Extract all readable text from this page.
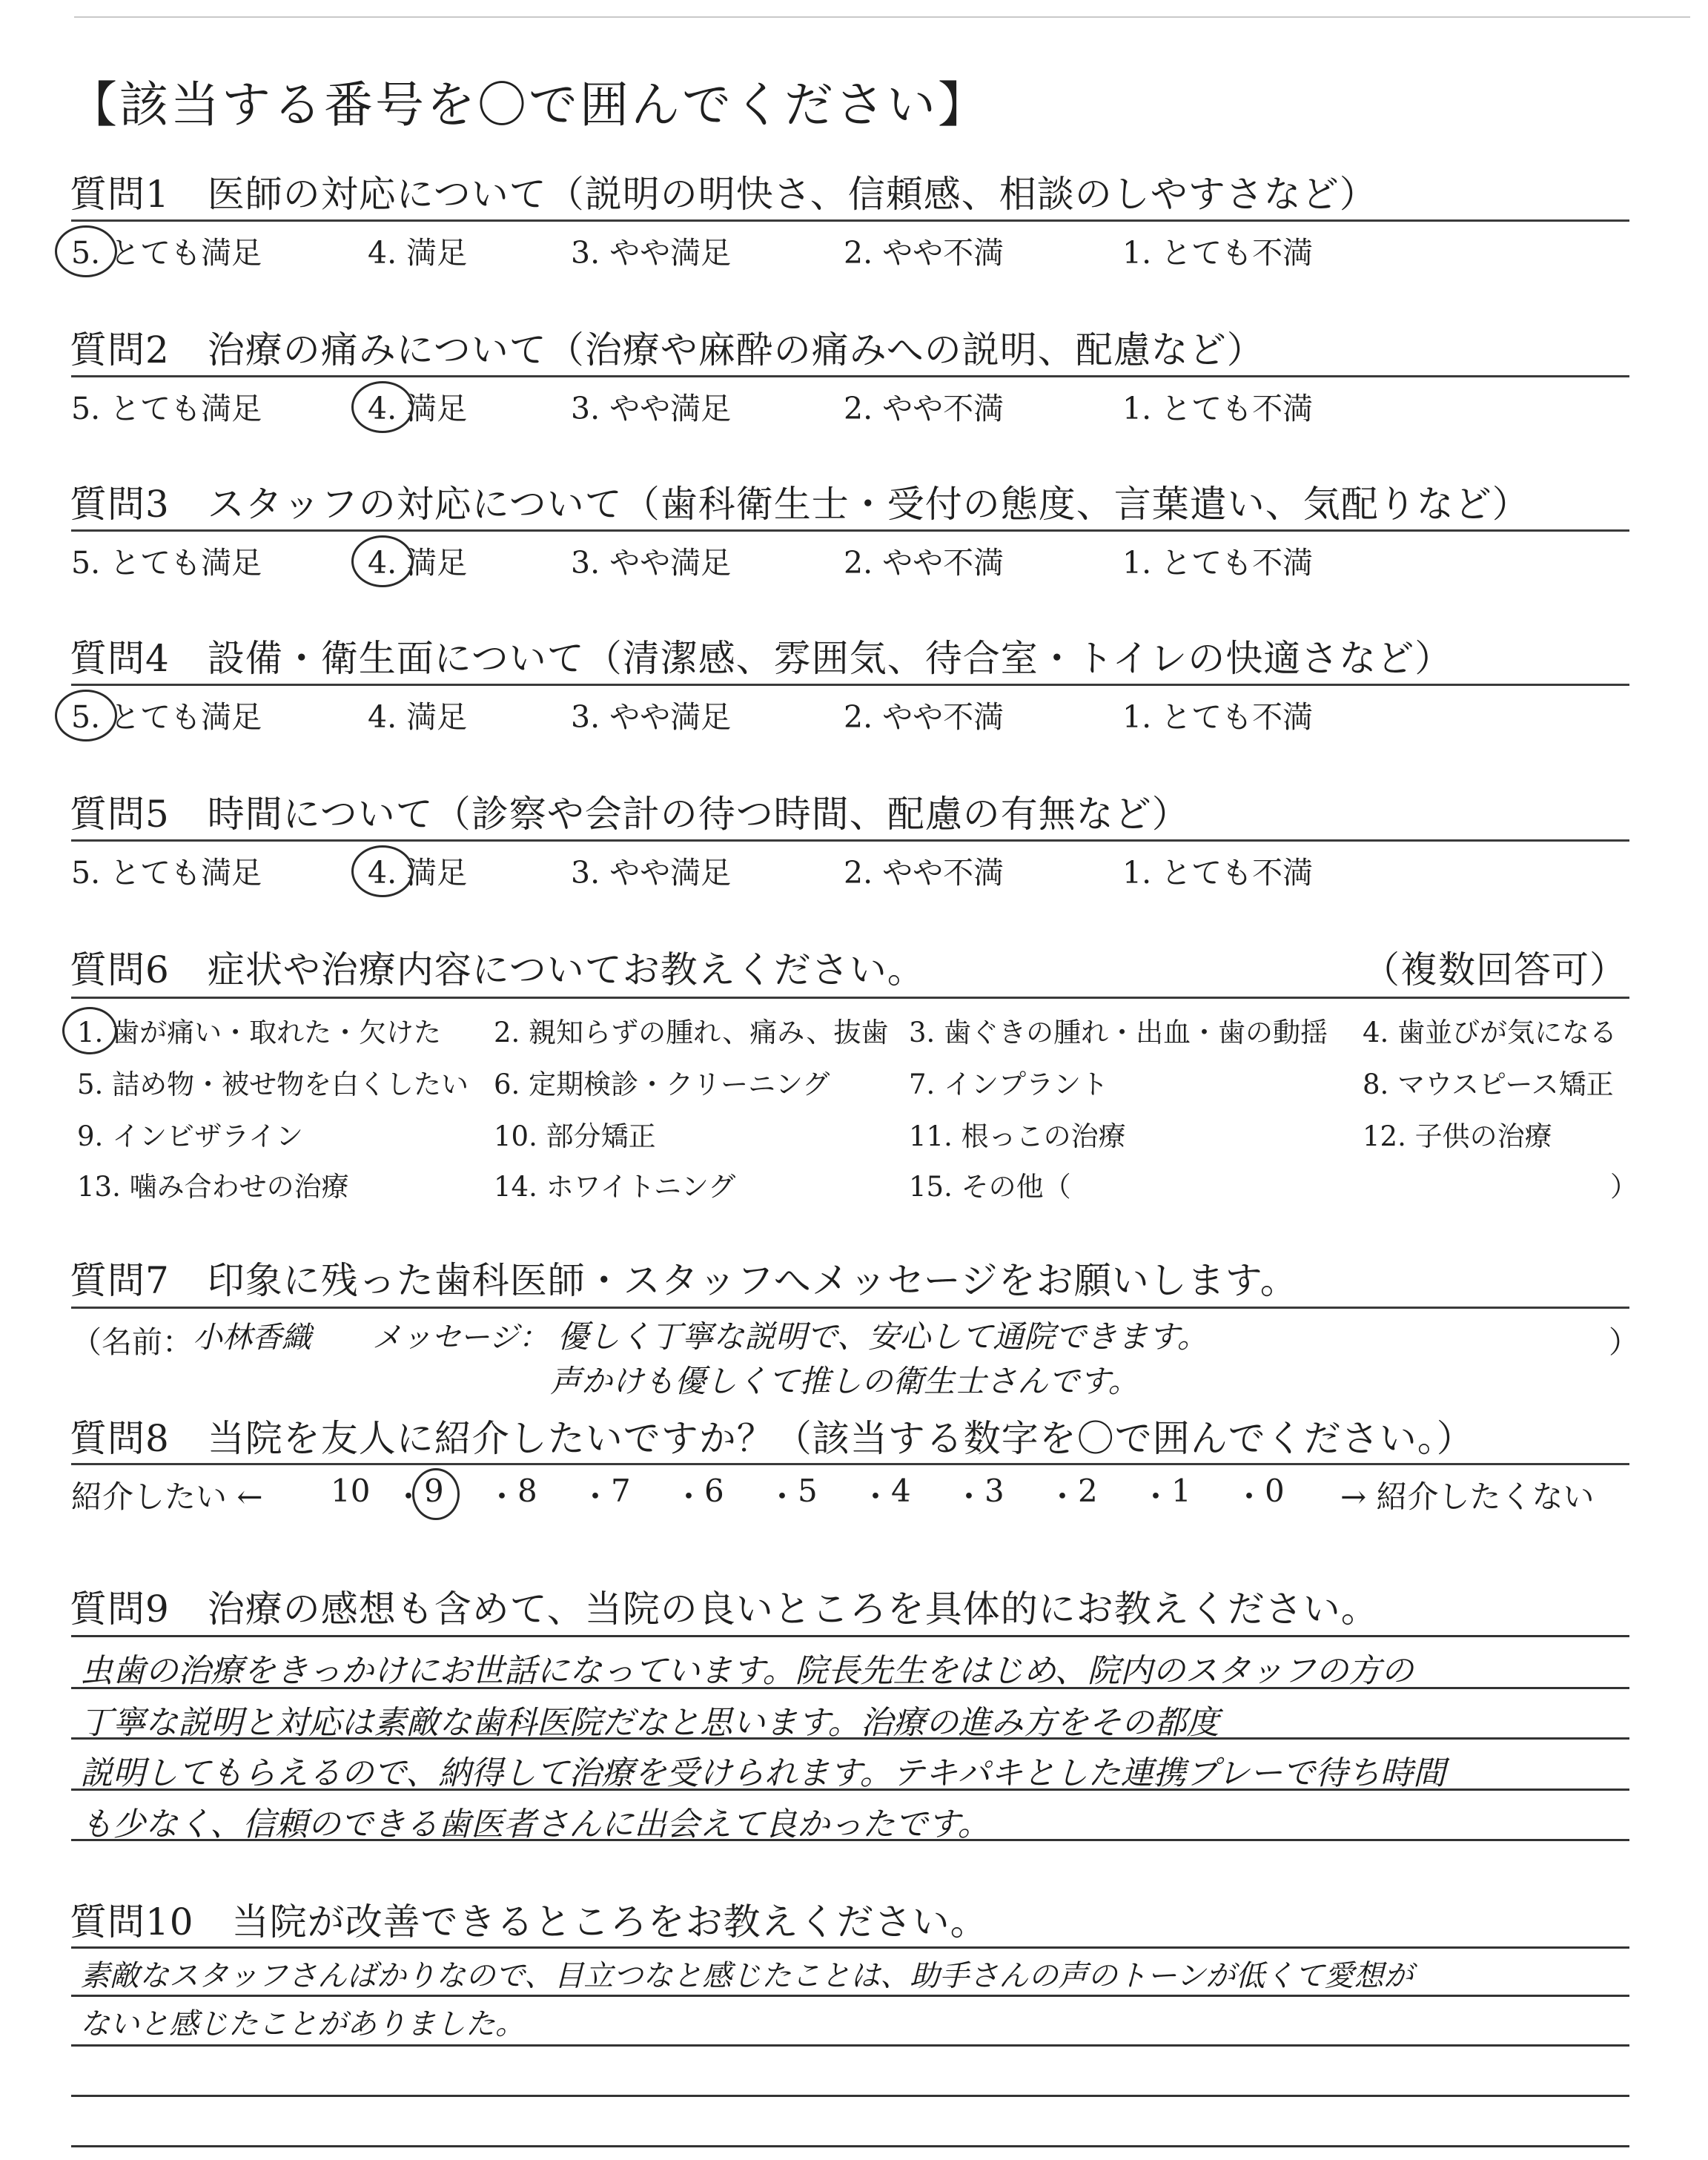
【該当する番号を〇で囲んでください】
質問1　医師の対応について（説明の明快さ、信頼感、相談のしやすさなど）
5. とても満足	4. 満足	3. やや満足	2. やや不満	1. とても不満
質問2　治療の痛みについて（治療や麻酔の痛みへの説明、配慮など）
5. とても満足	4. 満足	3. やや満足	2. やや不満	1. とても不満
質問3　スタッフの対応について（歯科衛生士・受付の態度、言葉遣い、気配りなど）
5. とても満足	4. 満足	3. やや満足	2. やや不満	1. とても不満
質問4　設備・衛生面について（清潔感、雰囲気、待合室・トイレの快適さなど）
5. とても満足	4. 満足	3. やや満足	2. やや不満	1. とても不満
質問5　時間について（診察や会計の待つ時間、配慮の有無など）
5. とても満足	4. 満足	3. やや満足	2. やや不満	1. とても不満
質問6　症状や治療内容についてお教えください。	（複数回答可）
1. 歯が痛い・取れた・欠けた 2. 親知らずの腫れ、痛み、抜歯 3. 歯ぐきの腫れ・出血・歯の動揺 4. 歯並びが気になる
5. 詰め物・被せ物を白くしたい 6. 定期検診・クリーニング	7. インプラント	8. マウスピース矯正
9. インビザライン	10. 部分矯正	11. 根っこの治療	12. 子供の治療
13. 噛み合わせの治療	14. ホワイトニング	15. その他（	）
質問7　印象に残った歯科医師・スタッフへメッセージをお願いします。
（名前： 小林香織 メッセージ： 優しく丁寧な説明で、安心して通院できます。
声かけも優しくて推しの衛生士さんです。
）
質問8　当院を友人に紹介したいですか？（該当する数字を〇で囲んでください。）
紹介したい ←	→ 紹介したくない
10 ・ 9 ・ 8 ・ 7 ・ 6 ・ 5 ・ 4 ・ 3 ・ 2 ・ 1 ・ 0
質問9　治療の感想も含めて、当院の良いところを具体的にお教えください。
虫歯の治療をきっかけにお世話になっています。院長先生をはじめ、院内のスタッフの方の
丁寧な説明と対応は素敵な歯科医院だなと思います。治療の進み方をその都度
説明してもらえるので、納得して治療を受けられます。テキパキとした連携プレーで待ち時間
も少なく、信頼のできる歯医者さんに出会えて良かったです。
質問10　当院が改善できるところをお教えください。
素敵なスタッフさんばかりなので、目立つなと感じたことは、助手さんの声のトーンが低くて愛想が
ないと感じたことがありました。
